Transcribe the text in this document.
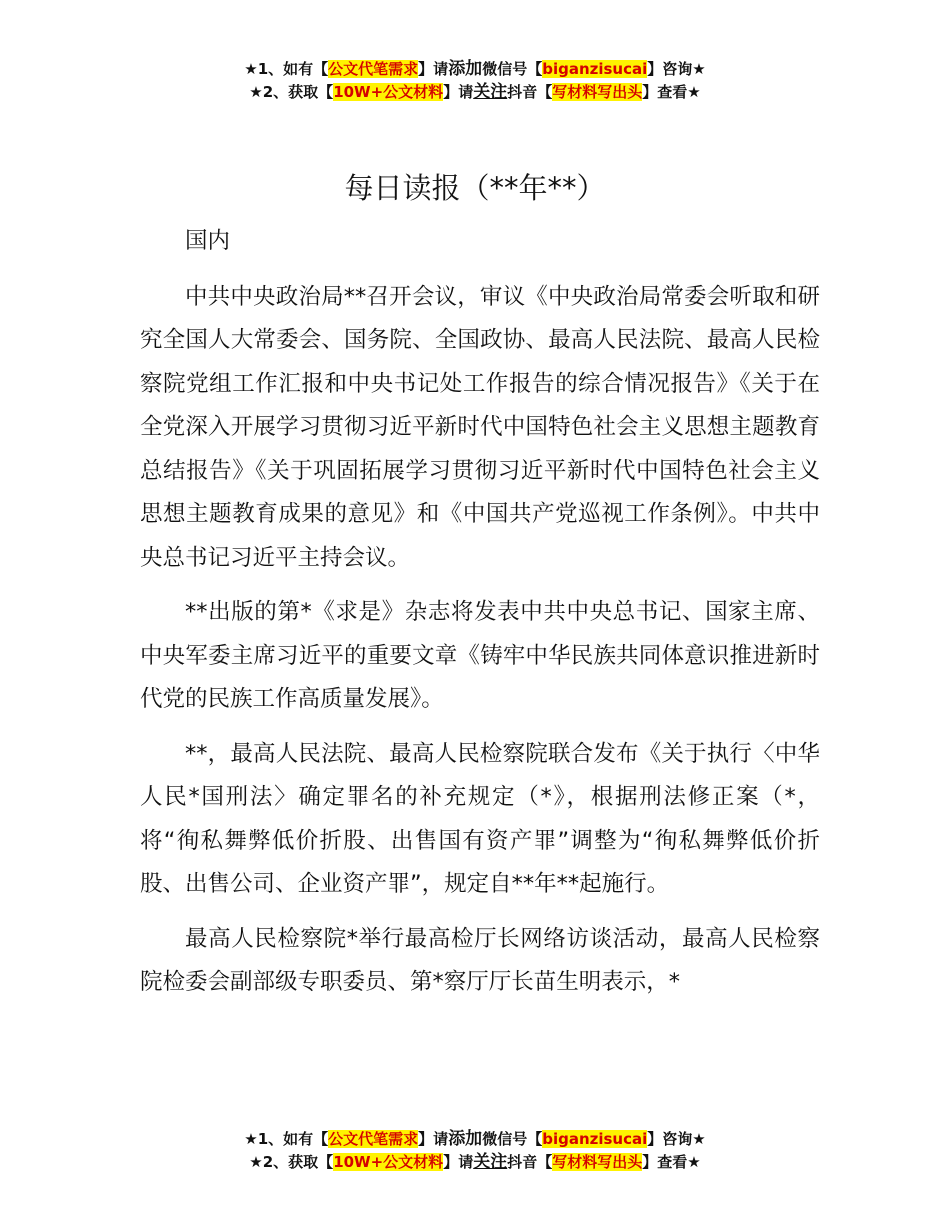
★1、如有【公文代笔需求】请添加微信号【biganzisucai】咨询★
★2、获取【10W+公文材料】请关注抖音【写材料写出头】查看★
每日读报（**年**）

国内

中共中央政治局**召开会议，审议《中央政治局常委会听取和研究全国人大常委会、国务院、全国政协、最高人民法院、最高人民检察院党组工作汇报和中央书记处工作报告的综合情况报告》《关于在全党深入开展学习贯彻习近平新时代中国特色社会主义思想主题教育总结报告》《关于巩固拓展学习贯彻习近平新时代中国特色社会主义思想主题教育成果的意见》和《中国共产党巡视工作条例》。中共中央总书记习近平主持会议。

**出版的第*《求是》杂志将发表中共中央总书记、国家主席、中央军委主席习近平的重要文章《铸牢中华民族共同体意识推进新时代党的民族工作高质量发展》。

**，最高人民法院、最高人民检察院联合发布《关于执行〈中华人民*国刑法〉确定罪名的补充规定（*》，根据刑法修正案（*，将“徇私舞弊低价折股、出售国有资产罪”调整为“徇私舞弊低价折股、出售公司、企业资产罪”，规定自**年**起施行。

最高人民检察院*举行最高检厅长网络访谈活动，最高人民检察院检委会副部级专职委员、第*察厅厅长苗生明表示，*

★1、如有【公文代笔需求】请添加微信号【biganzisucai】咨询★
★2、获取【10W+公文材料】请关注抖音【写材料写出头】查看★
